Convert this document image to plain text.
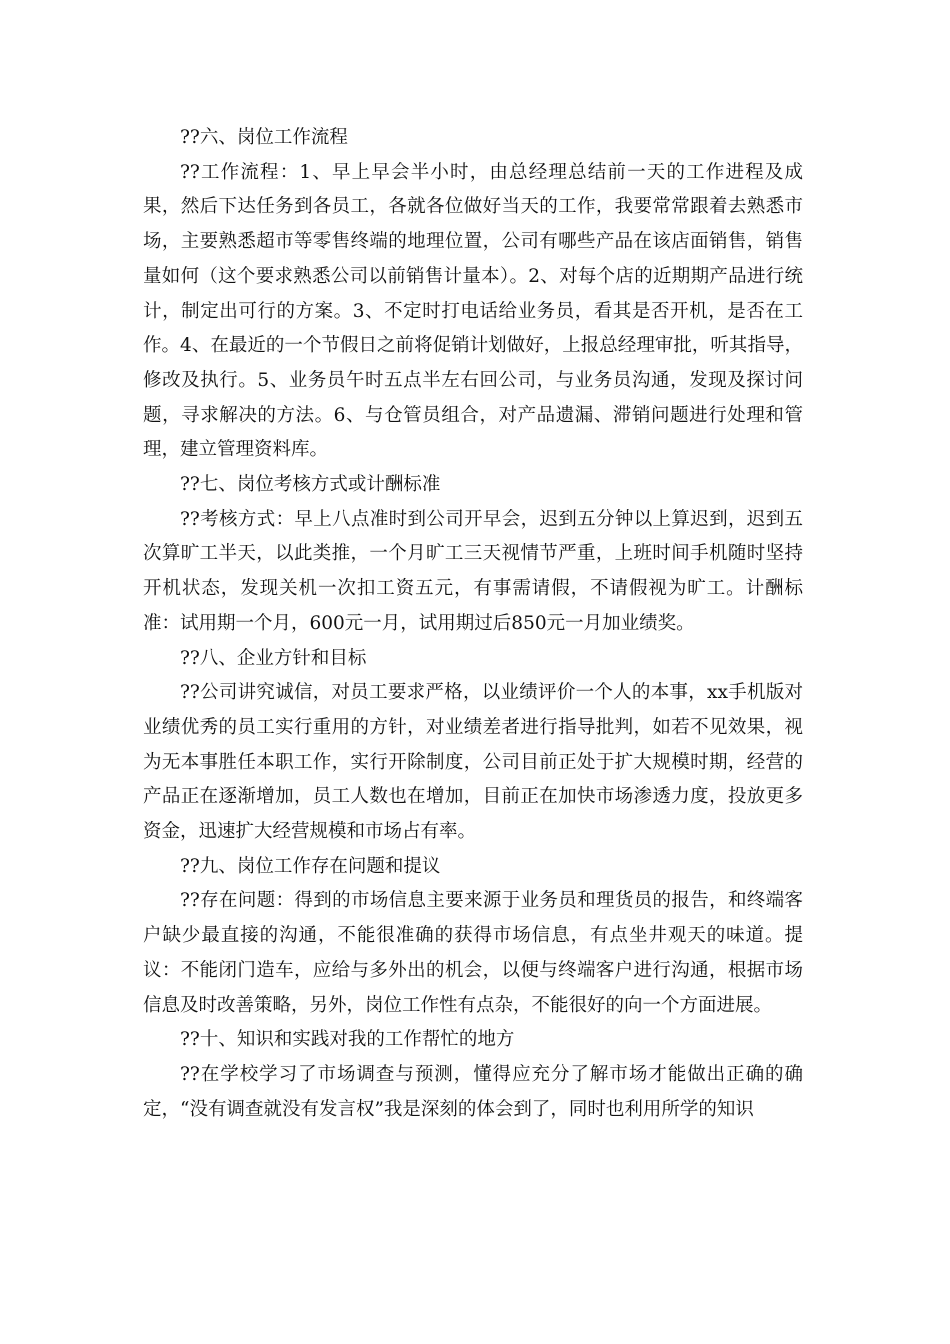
??六、岗位工作流程

??工作流程：1、早上早会半小时，由总经理总结前一天的工作进程及成果，然后下达任务到各员工，各就各位做好当天的工作，我要常常跟着去熟悉市场，主要熟悉超市等零售终端的地理位置，公司有哪些产品在该店面销售，销售量如何（这个要求熟悉公司以前销售计量本）。2、对每个店的近期期产品进行统计，制定出可行的方案。3、不定时打电话给业务员，看其是否开机，是否在工作。4、在最近的一个节假日之前将促销计划做好，上报总经理审批，听其指导，修改及执行。5、业务员午时五点半左右回公司，与业务员沟通，发现及探讨问题，寻求解决的方法。6、与仓管员组合，对产品遗漏、滞销问题进行处理和管理，建立管理资料库。

??七、岗位考核方式或计酬标准

??考核方式：早上八点准时到公司开早会，迟到五分钟以上算迟到，迟到五次算旷工半天，以此类推，一个月旷工三天视情节严重，上班时间手机随时坚持开机状态，发现关机一次扣工资五元，有事需请假，不请假视为旷工。计酬标准：试用期一个月，600元一月，试用期过后850元一月加业绩奖。

??八、企业方针和目标

??公司讲究诚信，对员工要求严格，以业绩评价一个人的本事，xx手机版对业绩优秀的员工实行重用的方针，对业绩差者进行指导批判，如若不见效果，视为无本事胜任本职工作，实行开除制度，公司目前正处于扩大规模时期，经营的产品正在逐渐增加，员工人数也在增加，目前正在加快市场渗透力度，投放更多资金，迅速扩大经营规模和市场占有率。

??九、岗位工作存在问题和提议

??存在问题：得到的市场信息主要来源于业务员和理货员的报告，和终端客户缺少最直接的沟通，不能很准确的获得市场信息，有点坐井观天的味道。提议：不能闭门造车，应给与多外出的机会，以便与终端客户进行沟通，根据市场信息及时改善策略，另外，岗位工作性有点杂，不能很好的向一个方面进展。

??十、知识和实践对我的工作帮忙的地方

??在学校学习了市场调查与预测，懂得应充分了解市场才能做出正确的确定，“没有调查就没有发言权”我是深刻的体会到了，同时也利用所学的知识
